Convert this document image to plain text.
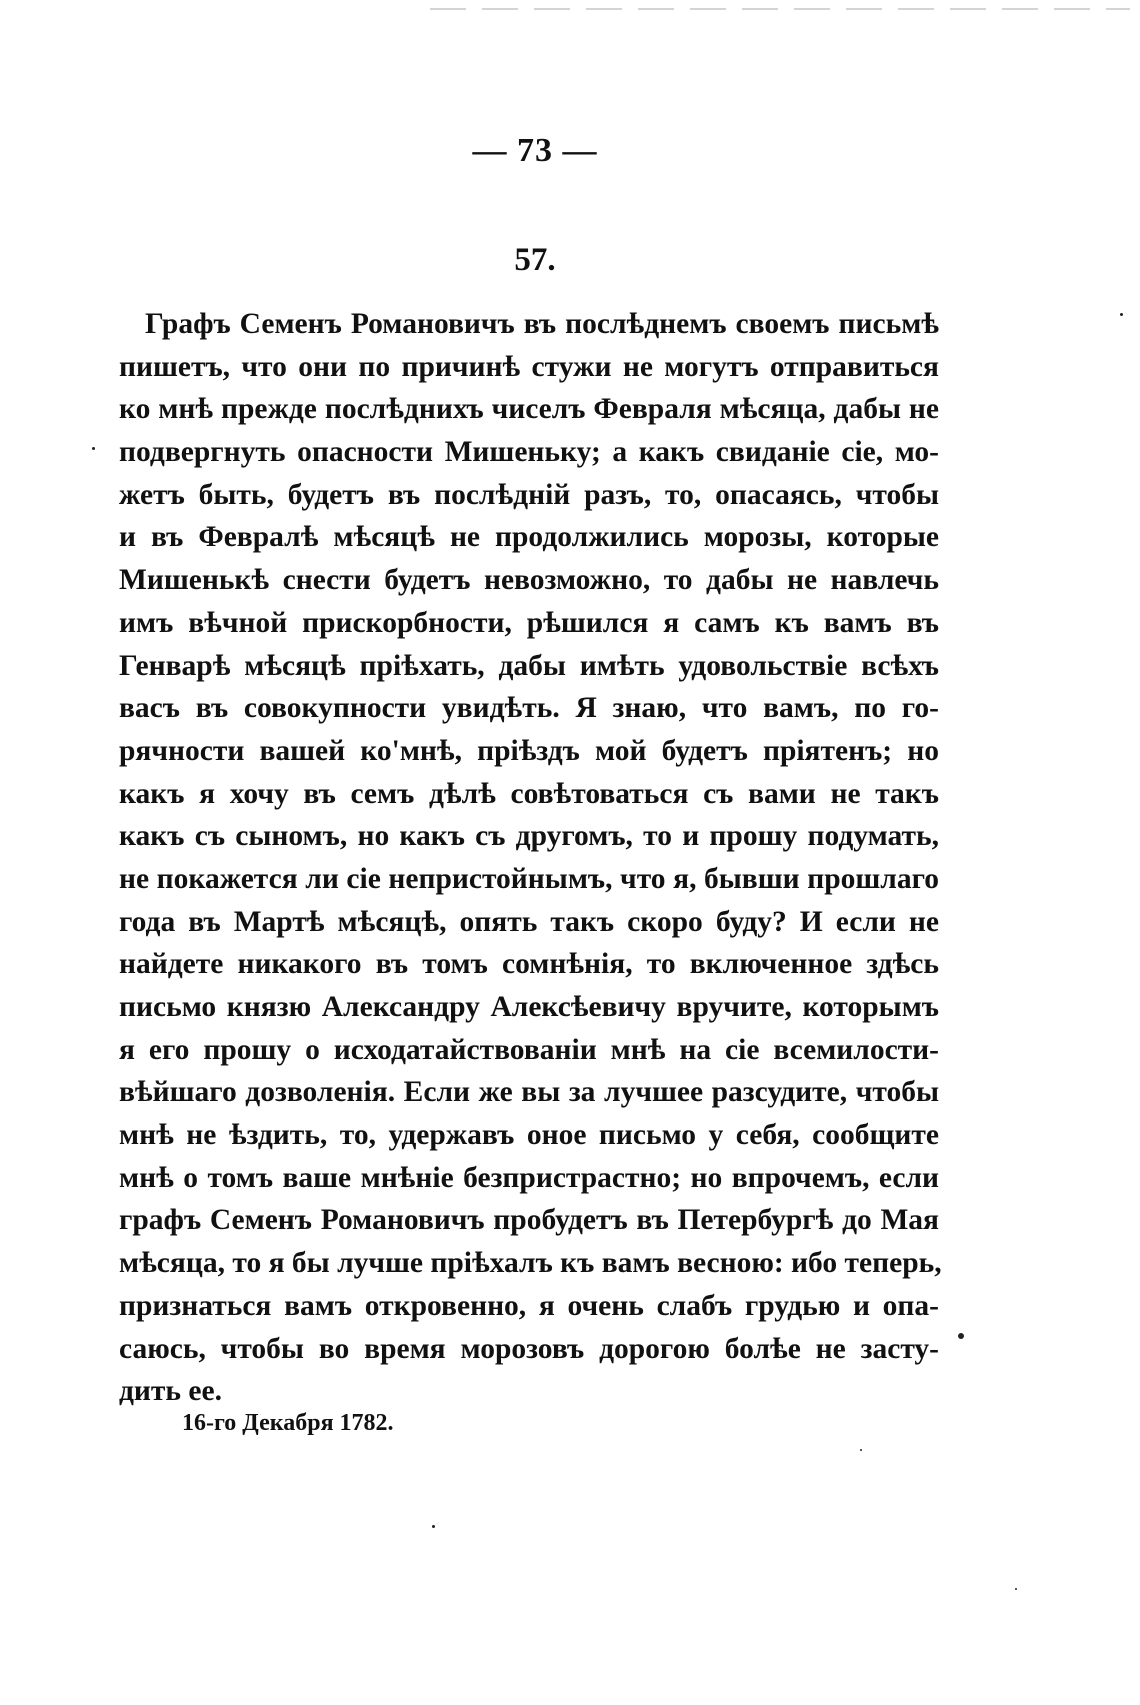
— 73 —
57.
Графъ Семенъ Романовичъ въ послѣднемъ своемъ письмѣ
пишетъ, что они по причинѣ стужи не могутъ отправиться
ко мнѣ прежде послѣднихъ чиселъ Февраля мѣсяца, дабы не
подвергнуть опасности Мишеньку; а какъ свиданіе сіе, мо-
жетъ быть, будетъ въ послѣдній разъ, то, опасаясь, чтобы
и въ Февралѣ мѣсяцѣ не продолжились морозы, которые
Мишенькѣ снести будетъ невозможно, то дабы не навлечь
имъ вѣчной прискорбности, рѣшился я самъ къ вамъ въ
Генварѣ мѣсяцѣ пріѣхать, дабы имѣть удовольствіе всѣхъ
васъ въ совокупности увидѣть. Я знаю, что вамъ, по го-
рячности вашей ко'мнѣ, пріѣздъ мой будетъ пріятенъ; но
какъ я хочу въ семъ дѣлѣ совѣтоваться съ вами не такъ
какъ съ сыномъ, но какъ съ другомъ, то и прошу подумать,
не покажется ли сіе непристойнымъ, что я, бывши прошлаго
года въ Мартѣ мѣсяцѣ, опять такъ скоро буду? И если не
найдете никакого въ томъ сомнѣнія, то включенное здѣсь
письмо князю Александру Алексѣевичу вручите, которымъ
я его прошу о исходатайствованіи мнѣ на сіе всемилости-
вѣйшаго дозволенія. Если же вы за лучшее разсудите, чтобы
мнѣ не ѣздить, то, удержавъ оное письмо у себя, сообщите
мнѣ о томъ ваше мнѣніе безпристрастно; но впрочемъ, если
графъ Семенъ Романовичъ пробудетъ въ Петербургѣ до Мая
мѣсяца, то я бы лучше пріѣхалъ къ вамъ весною: ибо теперь,
признаться вамъ откровенно, я очень слабъ грудью и опа-
саюсь, чтобы во время морозовъ дорогою болѣе не засту-
дить ее.
16-го Декабря 1782.
